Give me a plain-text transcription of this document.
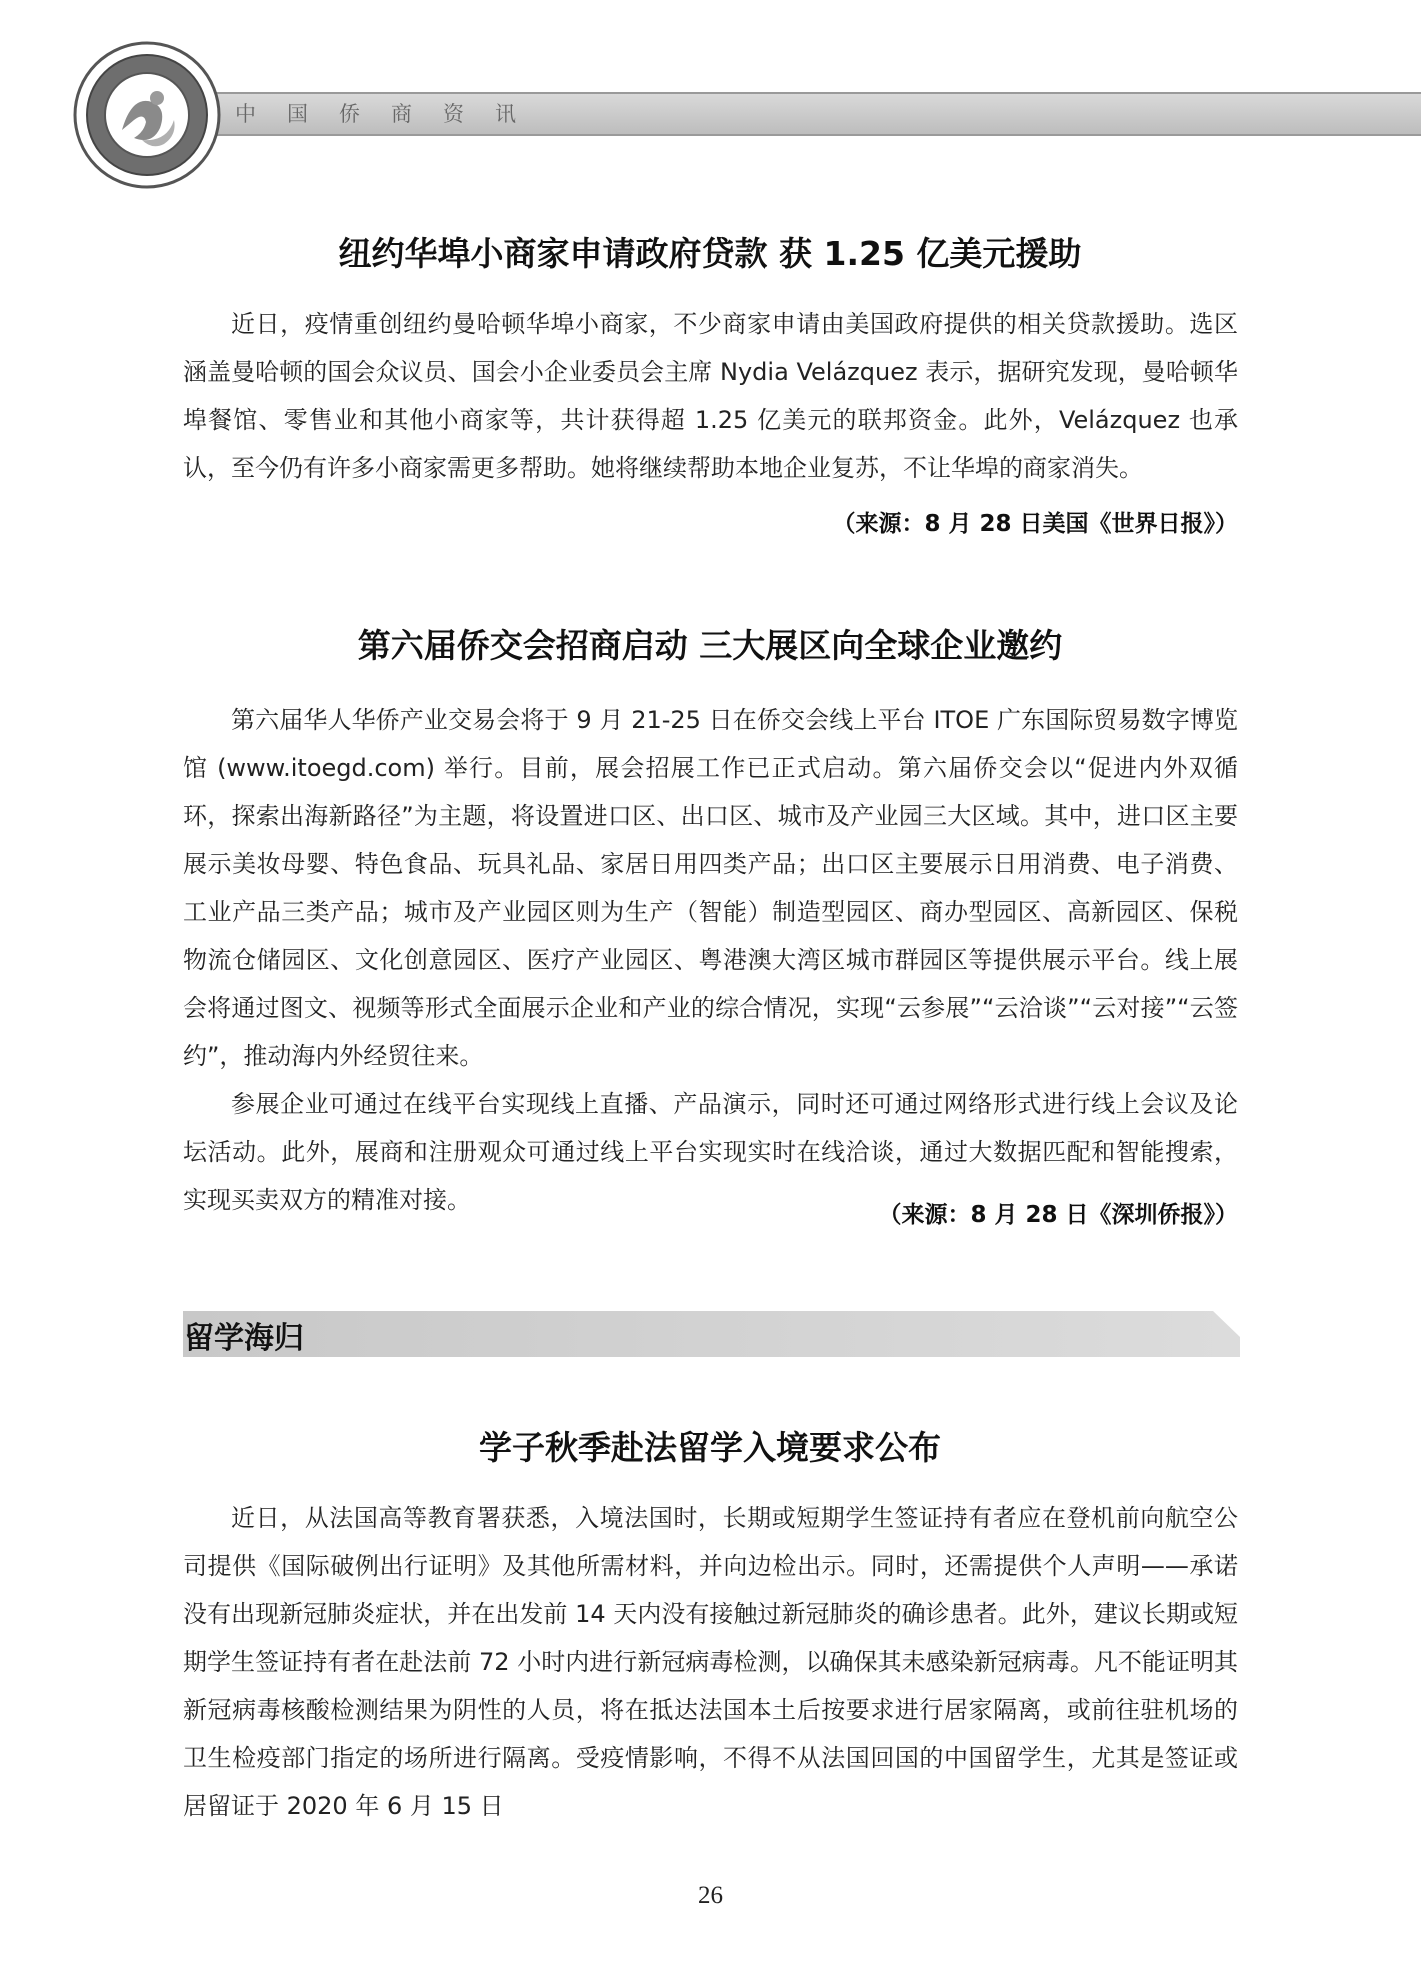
中国侨商资讯
纽约华埠小商家申请政府贷款 获 1.25 亿美元援助

近日，疫情重创纽约曼哈顿华埠小商家，不少商家申请由美国政府提供的相关贷款援助。选区涵盖曼哈顿的国会众议员、国会小企业委员会主席 Nydia Velázquez 表示，据研究发现，曼哈顿华埠餐馆、零售业和其他小商家等，共计获得超 1.25 亿美元的联邦资金。此外，Velázquez 也承认，至今仍有许多小商家需更多帮助。她将继续帮助本地企业复苏，不让华埠的商家消失。

（来源：8 月 28 日美国《世界日报》）
第六届侨交会招商启动 三大展区向全球企业邀约

第六届华人华侨产业交易会将于 9 月 21-25 日在侨交会线上平台 ITOE 广东国际贸易数字博览馆 (www.itoegd.com) 举行。目前，展会招展工作已正式启动。第六届侨交会以“促进内外双循环，探索出海新路径”为主题，将设置进口区、出口区、城市及产业园三大区域。其中，进口区主要展示美妆母婴、特色食品、玩具礼品、家居日用四类产品；出口区主要展示日用消费、电子消费、工业产品三类产品；城市及产业园区则为生产（智能）制造型园区、商办型园区、高新园区、保税物流仓储园区、文化创意园区、医疗产业园区、粤港澳大湾区城市群园区等提供展示平台。线上展会将通过图文、视频等形式全面展示企业和产业的综合情况，实现“云参展”“云洽谈”“云对接”“云签约”，推动海内外经贸往来。

参展企业可通过在线平台实现线上直播、产品演示，同时还可通过网络形式进行线上会议及论坛活动。此外，展商和注册观众可通过线上平台实现实时在线洽谈，通过大数据匹配和智能搜索，实现买卖双方的精准对接。

（来源：8 月 28 日《深圳侨报》）
留学海归
学子秋季赴法留学入境要求公布

近日，从法国高等教育署获悉，入境法国时，长期或短期学生签证持有者应在登机前向航空公司提供《国际破例出行证明》及其他所需材料，并向边检出示。同时，还需提供个人声明——承诺没有出现新冠肺炎症状，并在出发前 14 天内没有接触过新冠肺炎的确诊患者。此外，建议长期或短期学生签证持有者在赴法前 72 小时内进行新冠病毒检测，以确保其未感染新冠病毒。凡不能证明其新冠病毒核酸检测结果为阴性的人员，将在抵达法国本土后按要求进行居家隔离，或前往驻机场的卫生检疫部门指定的场所进行隔离。受疫情影响，不得不从法国回国的中国留学生，尤其是签证或居留证于 2020 年 6 月 15 日

26
